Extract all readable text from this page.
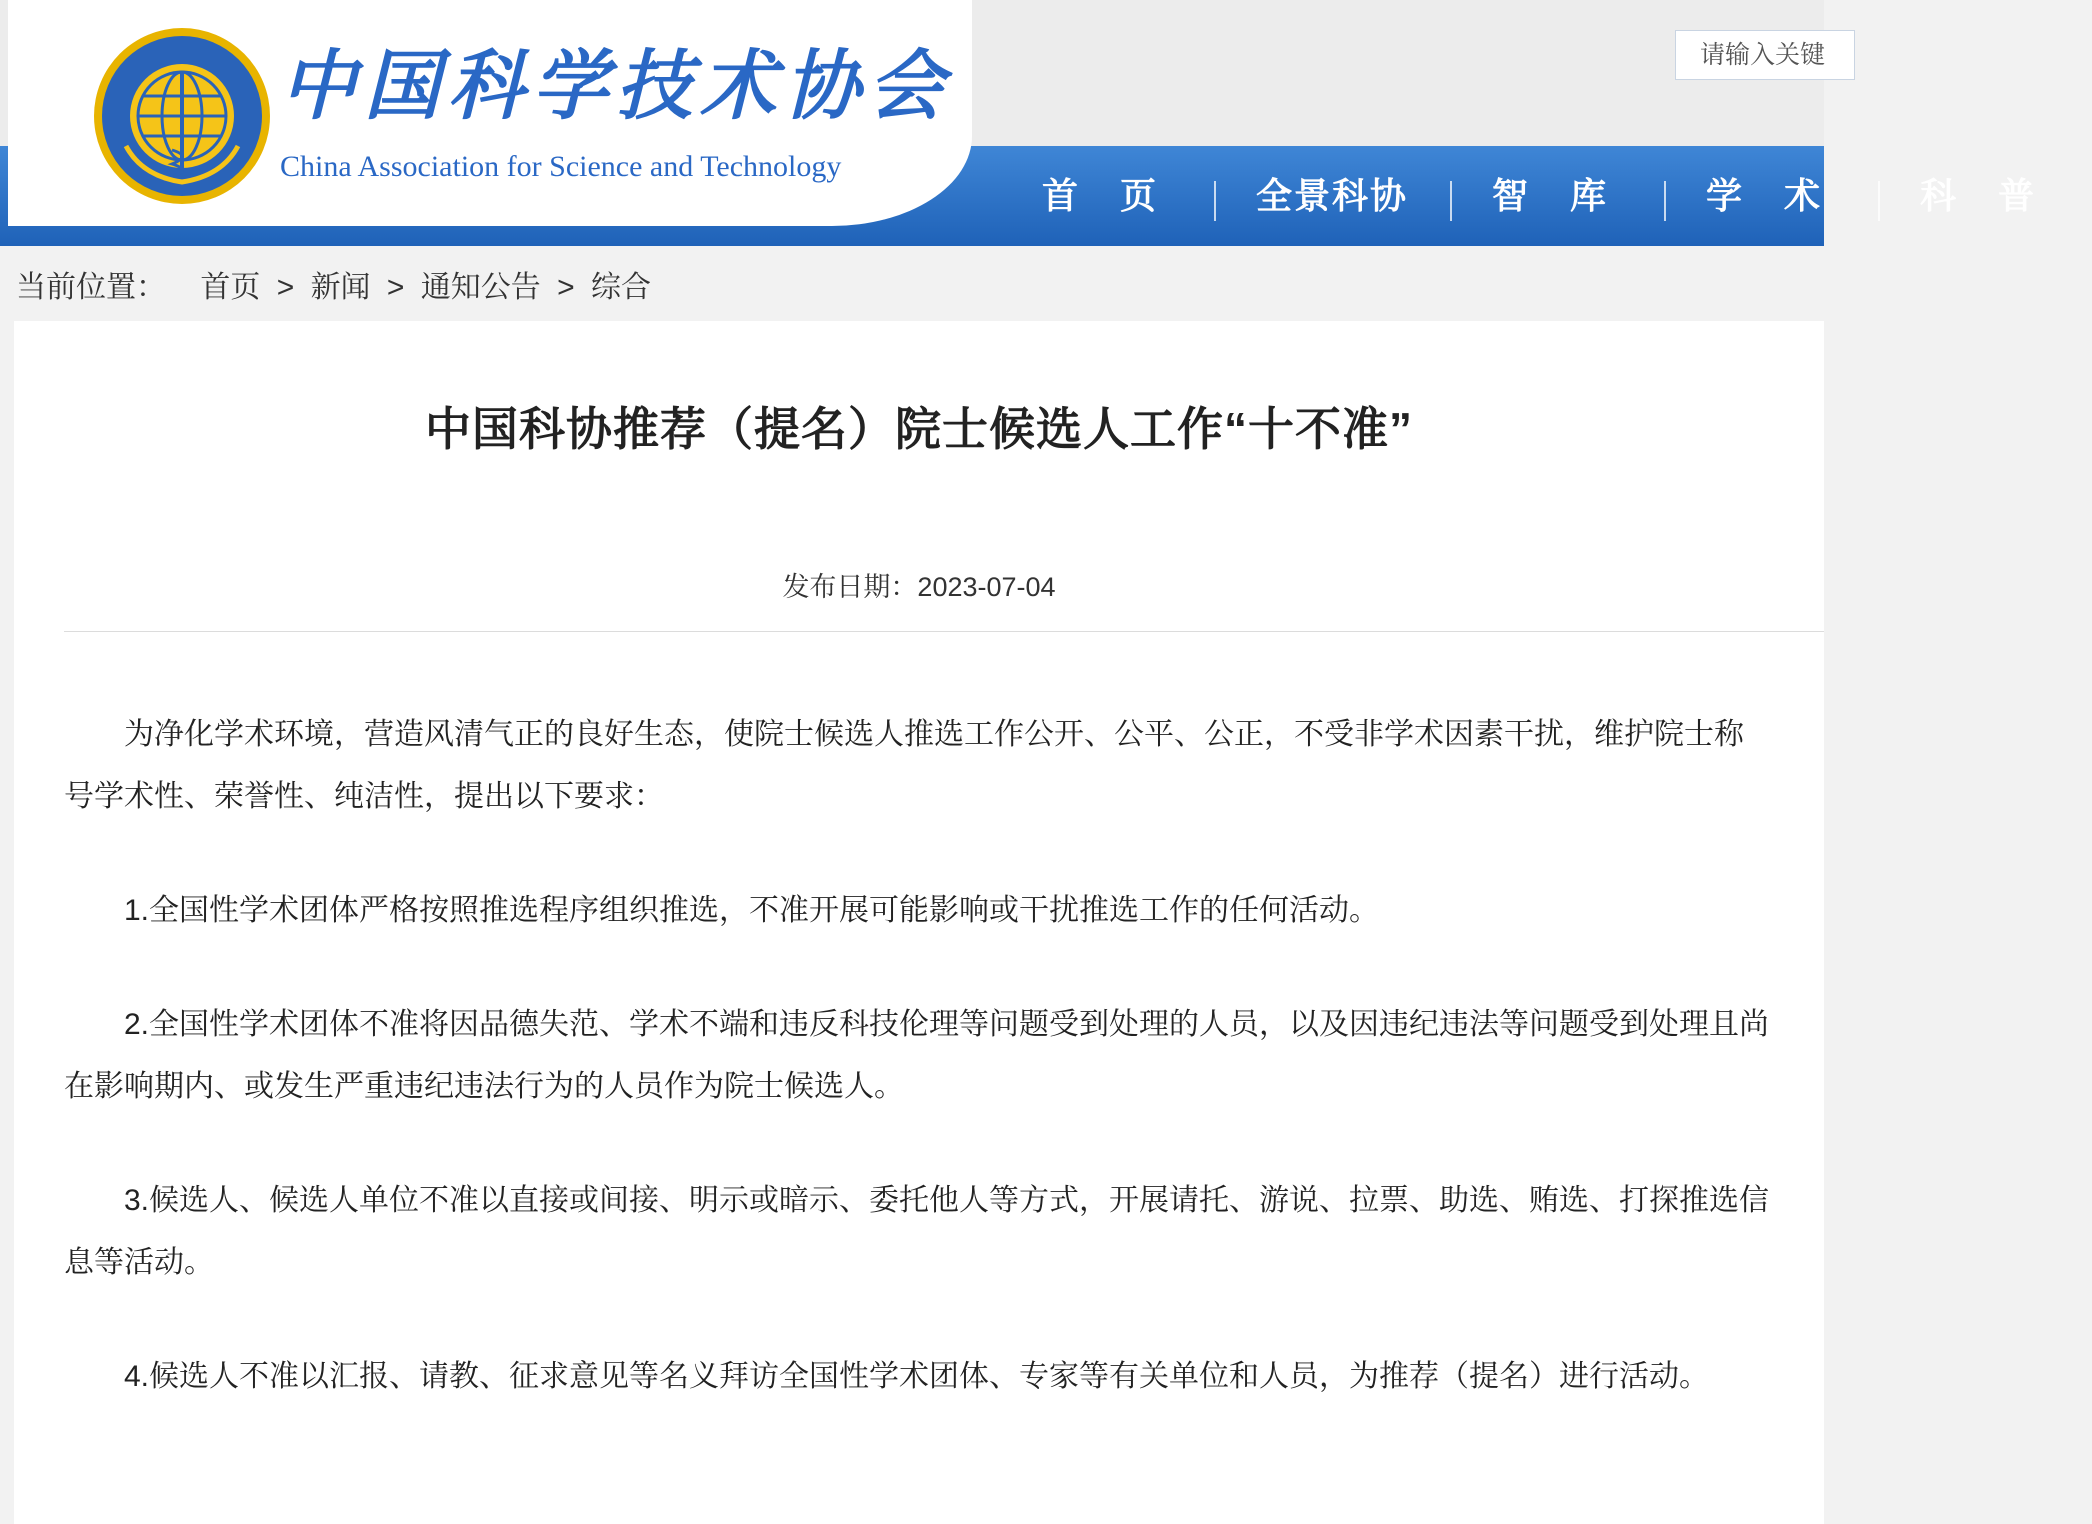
中国科学技术协会
China Association for Science and Technology
请输入关键
首 页	全景科协	智 库	学 术	科 普
当前位置： 首页 > 新闻 > 通知公告 > 综合
中国科协推荐（提名）院士候选人工作“十不准”
发布日期：2023-07-04

为净化学术环境，营造风清气正的良好生态，使院士候选人推选工作公开、公平、公正，不受非学术因素干扰，维护院士称号学术性、荣誉性、纯洁性，提出以下要求：

1.全国性学术团体严格按照推选程序组织推选，不准开展可能影响或干扰推选工作的任何活动。

2.全国性学术团体不准将因品德失范、学术不端和违反科技伦理等问题受到处理的人员，以及因违纪违法等问题受到处理且尚在影响期内、或发生严重违纪违法行为的人员作为院士候选人。

3.候选人、候选人单位不准以直接或间接、明示或暗示、委托他人等方式，开展请托、游说、拉票、助选、贿选、打探推选信息等活动。

4.候选人不准以汇报、请教、征求意见等名义拜访全国性学术团体、专家等有关单位和人员，为推荐（提名）进行活动。
